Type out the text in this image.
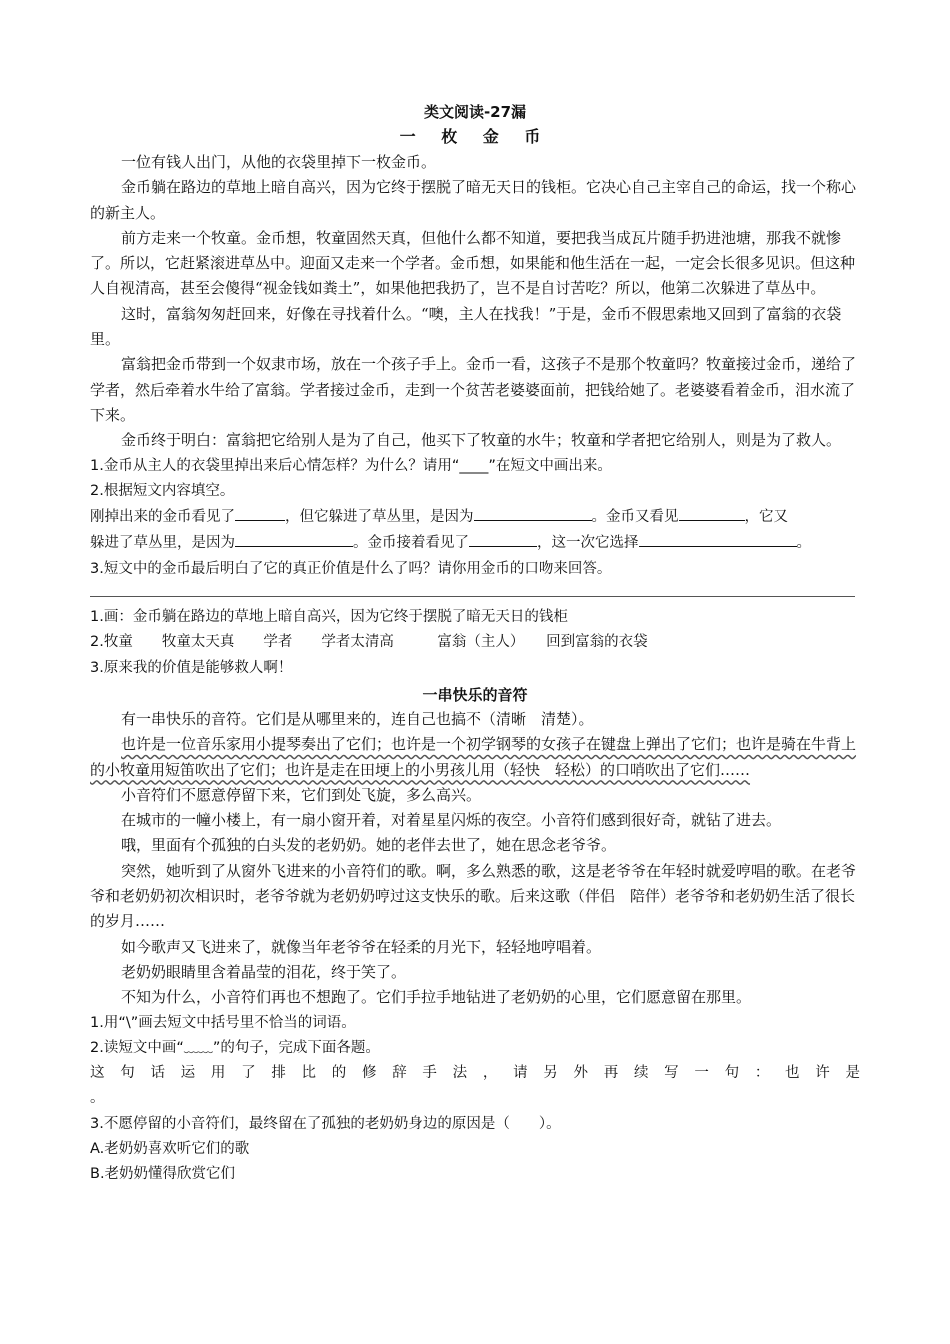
类文阅读-27漏
一 枚 金 币

一位有钱人出门，从他的衣袋里掉下一枚金币。

金币躺在路边的草地上暗自高兴，因为它终于摆脱了暗无天日的钱柜。它决心自己主宰自己的命运，找一个称心的新主人。

前方走来一个牧童。金币想，牧童固然天真，但他什么都不知道，要把我当成瓦片随手扔进池塘，那我不就惨了。所以，它赶紧滚进草丛中。迎面又走来一个学者。金币想，如果能和他生活在一起，一定会长很多见识。但这种人自视清高，甚至会傻得“视金钱如粪土”，如果他把我扔了，岂不是自讨苦吃？所以，他第二次躲进了草丛中。

这时，富翁匆匆赶回来，好像在寻找着什么。“噢，主人在找我！”于是，金币不假思索地又回到了富翁的衣袋里。

富翁把金币带到一个奴隶市场，放在一个孩子手上。金币一看，这孩子不是那个牧童吗？牧童接过金币，递给了学者，然后牵着水牛给了富翁。学者接过金币，走到一个贫苦老婆婆面前，把钱给她了。老婆婆看着金币，泪水流了下来。

金币终于明白：富翁把它给别人是为了自己，他买下了牧童的水牛；牧童和学者把它给别人，则是为了救人。

1.金币从主人的衣袋里掉出来后心情怎样？为什么？请用“____”在短文中画出来。

2.根据短文内容填空。

刚掉出来的金币看见了	，但它躲进了草丛里，是因为	。金币又看见	，它又
躲进了草丛里，是因为	。金币接着看见了	，这一次它选择	。

3.短文中的金币最后明白了它的真正价值是什么了吗？请你用金币的口吻来回答。

1.画：金币躺在路边的草地上暗自高兴，因为它终于摆脱了暗无天日的钱柜

2.牧童　　牧童太天真　　学者　　学者太清高　　　富翁（主人）　　回到富翁的衣袋

3.原来我的价值是能够救人啊！

一串快乐的音符

有一串快乐的音符。它们是从哪里来的，连自己也搞不（清晰　清楚）。

也许是一位音乐家用小提琴奏出了它们；也许是一个初学钢琴的女孩子在键盘上弹出了它们；也许是骑在牛背上的小牧童用短笛吹出了它们；也许是走在田埂上的小男孩儿用（轻快　轻松）的口哨吹出了它们……

小音符们不愿意停留下来，它们到处飞旋，多么高兴。

在城市的一幢小楼上，有一扇小窗开着，对着星星闪烁的夜空。小音符们感到很好奇，就钻了进去。

哦，里面有个孤独的白头发的老奶奶。她的老伴去世了，她在思念老爷爷。

突然，她听到了从窗外飞进来的小音符们的歌。啊，多么熟悉的歌，这是老爷爷在年轻时就爱哼唱的歌。在老爷爷和老奶奶初次相识时，老爷爷就为老奶奶哼过这支快乐的歌。后来这歌（伴侣　陪伴）老爷爷和老奶奶生活了很长的岁月……

如今歌声又飞进来了，就像当年老爷爷在轻柔的月光下，轻轻地哼唱着。

老奶奶眼睛里含着晶莹的泪花，终于笑了。

不知为什么，小音符们再也不想跑了。它们手拉手地钻进了老奶奶的心里，它们愿意留在那里。

1.用“\”画去短文中括号里不恰当的词语。

2.读短文中画“﹏﹏”的句子，完成下面各题。

这句话运用了排比的修辞手法，请另外再续写一句：也许是

。

3.不愿停留的小音符们，最终留在了孤独的老奶奶身边的原因是（　　）。

A.老奶奶喜欢听它们的歌

B.老奶奶懂得欣赏它们
